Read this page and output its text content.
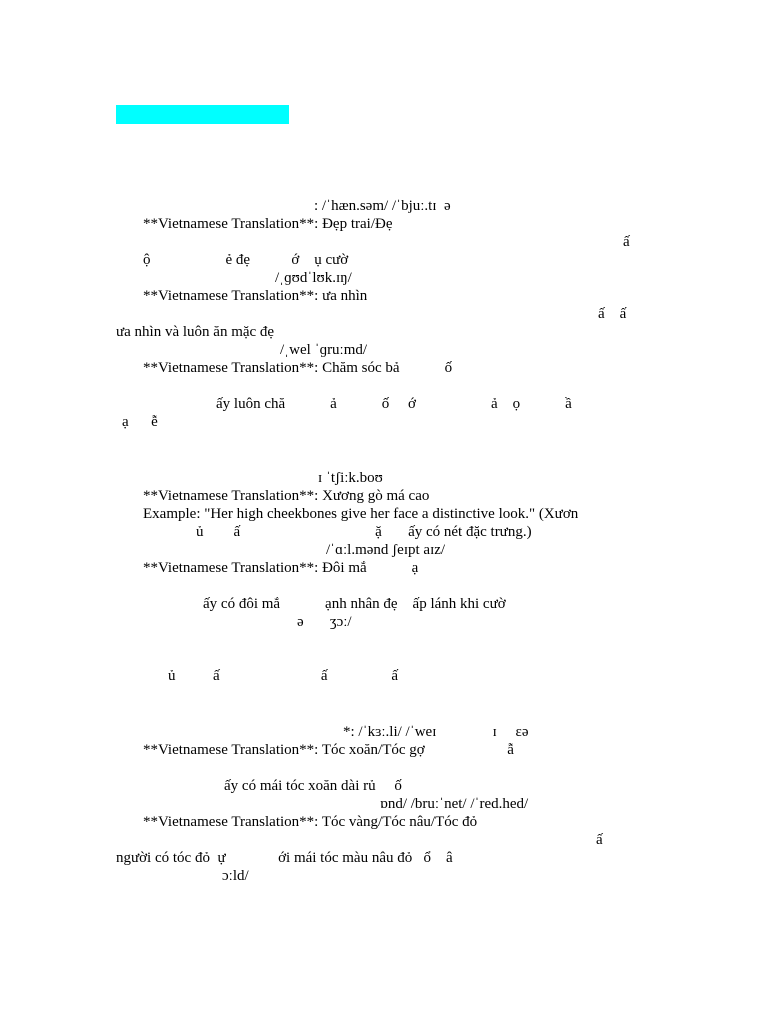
: /ˈhæn.səm/ /ˈbjuː.tɪ  ə
**Vietnamese Translation**: Đẹp trai/Đẹ
ấ
ộ                    ẻ đẹ           ớ    ụ cườ
/ˌɡʊdˈlʊk.ɪŋ/
**Vietnamese Translation**: ưa nhìn
ấ    ấ
ưa nhìn và luôn ăn mặc đẹ
/ˌwel ˈɡruːmd/
**Vietnamese Translation**: Chăm sóc bả            ố
ấy luôn chă            ả            ố     ớ                    ả    ọ            ầ
ạ      ễ
ɪ ˈtʃiːk.boʊ
**Vietnamese Translation**: Xương gò má cao
Example: "Her high cheekbones give her face a distinctive look." (Xươn
ủ        ấ                                    ặ       ấy có nét đặc trưng.)
/ˈɑːl.mənd ʃeɪpt aɪz/
**Vietnamese Translation**: Đôi mắ            ạ
ấy có đôi mắ            ạnh nhân đẹ    ấp lánh khi cườ
ə       ʒɔː/
ủ          ấ                           ấ                 ấ
*: /ˈkɜː.li/ /ˈweɪ               ɪ     ɛə
**Vietnamese Translation**: Tóc xoăn/Tóc gợ                      ẫ
ấy có mái tóc xoăn dài rủ     ố
ɒnd/ /bruːˈnet/ /ˈred.hed/
**Vietnamese Translation**: Tóc vàng/Tóc nâu/Tóc đỏ
ấ
người có tóc đỏ  ự              ới mái tóc màu nâu đỏ   ổ    â
ɔːld/
